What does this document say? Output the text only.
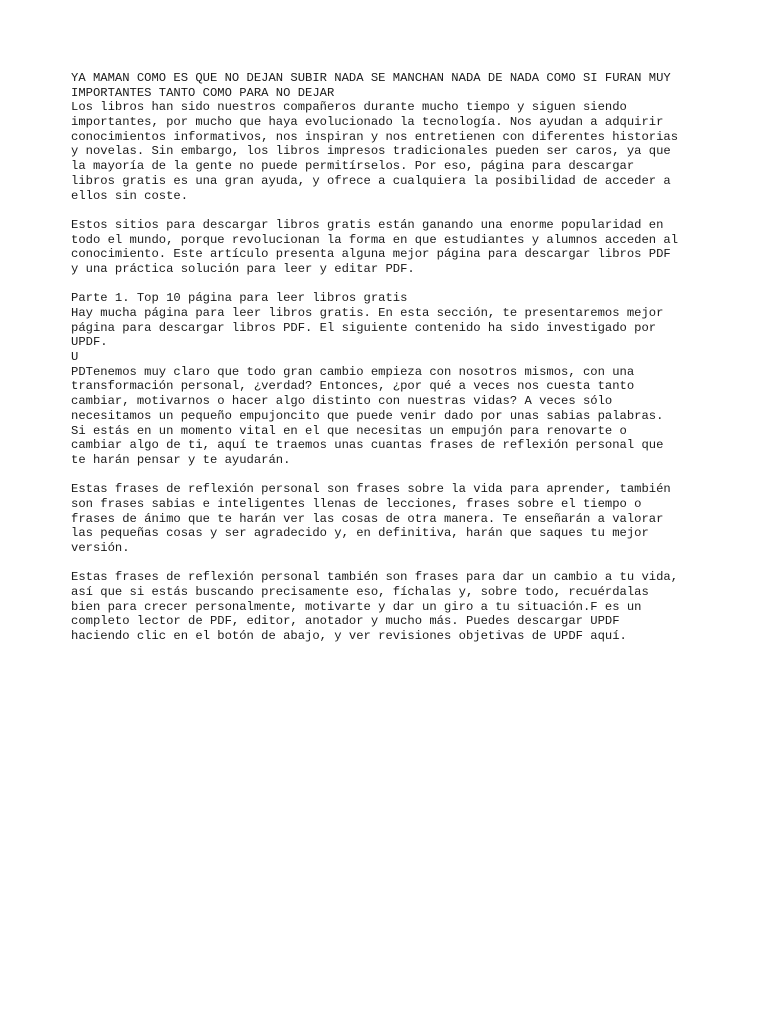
YA MAMAN COMO ES QUE NO DEJAN SUBIR NADA SE MANCHAN NADA DE NADA COMO SI FURAN MUY
IMPORTANTES TANTO COMO PARA NO DEJAR
Los libros han sido nuestros compañeros durante mucho tiempo y siguen siendo
importantes, por mucho que haya evolucionado la tecnología. Nos ayudan a adquirir
conocimientos informativos, nos inspiran y nos entretienen con diferentes historias
y novelas. Sin embargo, los libros impresos tradicionales pueden ser caros, ya que
la mayoría de la gente no puede permitírselos. Por eso, página para descargar
libros gratis es una gran ayuda, y ofrece a cualquiera la posibilidad de acceder a
ellos sin coste.
Estos sitios para descargar libros gratis están ganando una enorme popularidad en
todo el mundo, porque revolucionan la forma en que estudiantes y alumnos acceden al
conocimiento. Este artículo presenta alguna mejor página para descargar libros PDF
y una práctica solución para leer y editar PDF.
Parte 1. Top 10 página para leer libros gratis
Hay mucha página para leer libros gratis. En esta sección, te presentaremos mejor
página para descargar libros PDF. El siguiente contenido ha sido investigado por
UPDF.
U
PDTenemos muy claro que todo gran cambio empieza con nosotros mismos, con una
transformación personal, ¿verdad? Entonces, ¿por qué a veces nos cuesta tanto
cambiar, motivarnos o hacer algo distinto con nuestras vidas? A veces sólo
necesitamos un pequeño empujoncito que puede venir dado por unas sabias palabras.
Si estás en un momento vital en el que necesitas un empujón para renovarte o
cambiar algo de ti, aquí te traemos unas cuantas frases de reflexión personal que
te harán pensar y te ayudarán.
Estas frases de reflexión personal son frases sobre la vida para aprender, también
son frases sabias e inteligentes llenas de lecciones, frases sobre el tiempo o
frases de ánimo que te harán ver las cosas de otra manera. Te enseñarán a valorar
las pequeñas cosas y ser agradecido y, en definitiva, harán que saques tu mejor
versión.
Estas frases de reflexión personal también son frases para dar un cambio a tu vida,
así que si estás buscando precisamente eso, fíchalas y, sobre todo, recuérdalas
bien para crecer personalmente, motivarte y dar un giro a tu situación.F es un
completo lector de PDF, editor, anotador y mucho más. Puedes descargar UPDF
haciendo clic en el botón de abajo, y ver revisiones objetivas de UPDF aquí.
